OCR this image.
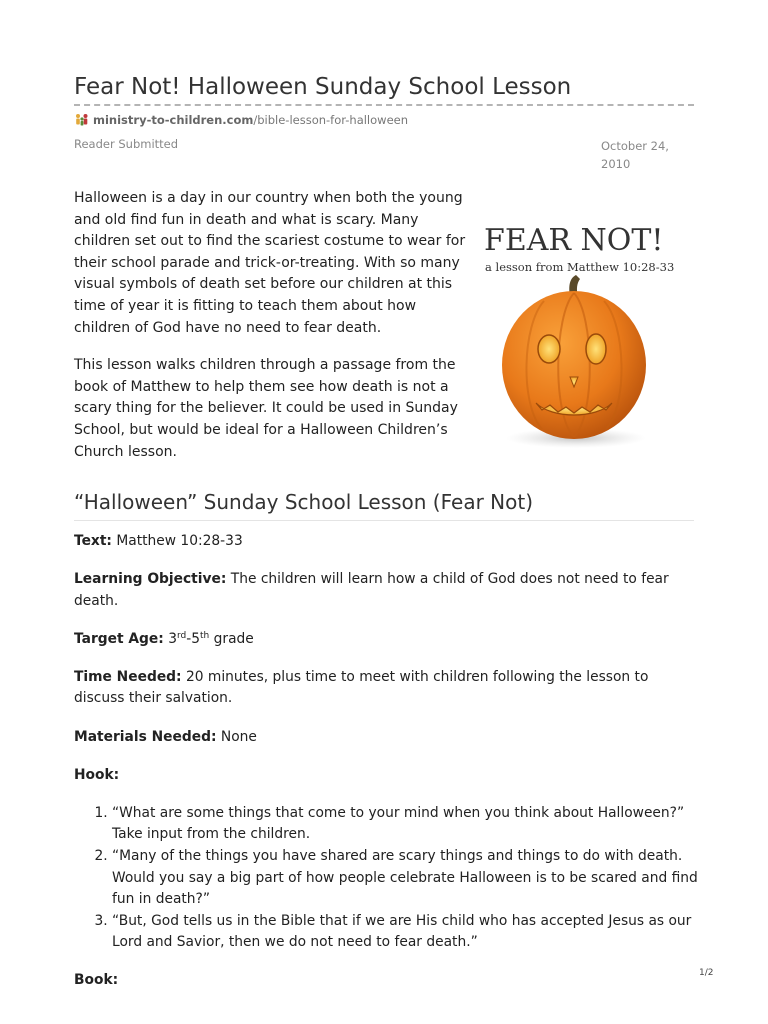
Fear Not! Halloween Sunday School Lesson
ministry-to-children.com /bible-lesson-for-halloween
Reader Submitted	October 24, 2010

Halloween is a day in our country when both the young and old find fun in death and what is scary. Many children set out to find the scariest costume to wear for their school parade and trick-or-treating. With so many visual symbols of death set before our children at this time of year it is fitting to teach them about how children of God have no need to fear death.

This lesson walks children through a passage from the book of Matthew to help them see how death is not a scary thing for the believer. It could be used in Sunday School, but would be ideal for a Halloween Children’s Church lesson.

FEAR NOT!
a lesson from Matthew 10:28-33
“Halloween” Sunday School Lesson (Fear Not)

Text: Matthew 10:28-33

Learning Objective: The children will learn how a child of God does not need to fear death.

Target Age: 3rd-5th grade

Time Needed: 20 minutes, plus time to meet with children following the lesson to discuss their salvation.

Materials Needed: None

Hook:

1. “What are some things that come to your mind when you think about Halloween?” Take input from the children.
2. “Many of the things you have shared are scary things and things to do with death. Would you say a big part of how people celebrate Halloween is to be scared and find fun in death?”
3. “But, God tells us in the Bible that if we are His child who has accepted Jesus as our Lord and Savior, then we do not need to fear death.”

Book:	1/2
